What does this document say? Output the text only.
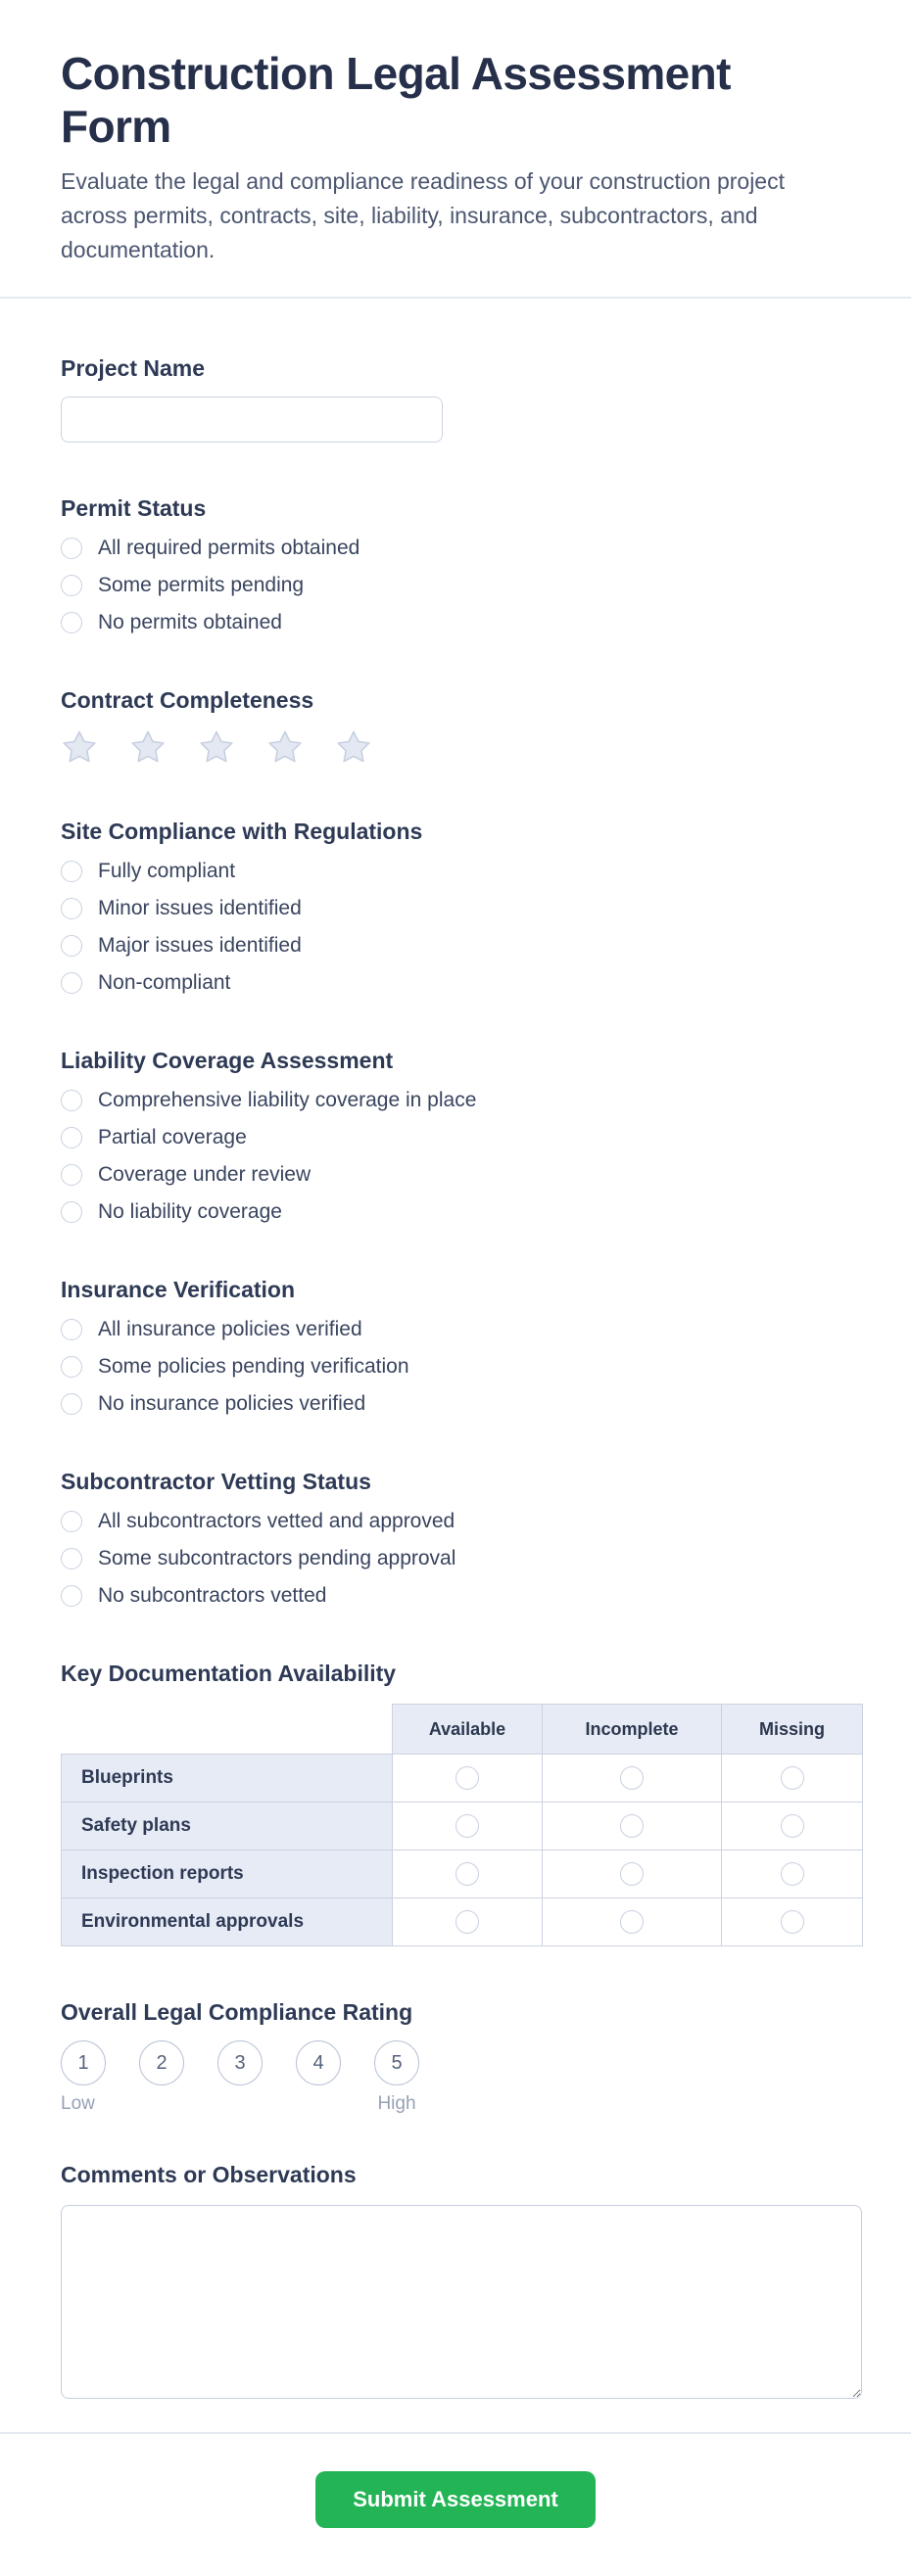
Construction Legal Assessment Form

Evaluate the legal and compliance readiness of your construction project across permits, contracts, site, liability, insurance, subcontractors, and documentation.

Project Name
Permit Status
All required permits obtained
Some permits pending
No permits obtained
Contract Completeness
Site Compliance with Regulations
Fully compliant
Minor issues identified
Major issues identified
Non-compliant
Liability Coverage Assessment
Comprehensive liability coverage in place
Partial coverage
Coverage under review
No liability coverage
Insurance Verification
All insurance policies verified
Some policies pending verification
No insurance policies verified
Subcontractor Vetting Status
All subcontractors vetted and approved
Some subcontractors pending approval
No subcontractors vetted
Key Documentation Availability
	Available	Incomplete	Missing
Blueprints			
Safety plans			
Inspection reports			
Environmental approvals			
Overall Legal Compliance Rating
1	2	3	4	5
Low	High
Comments or Observations
Submit Assessment
